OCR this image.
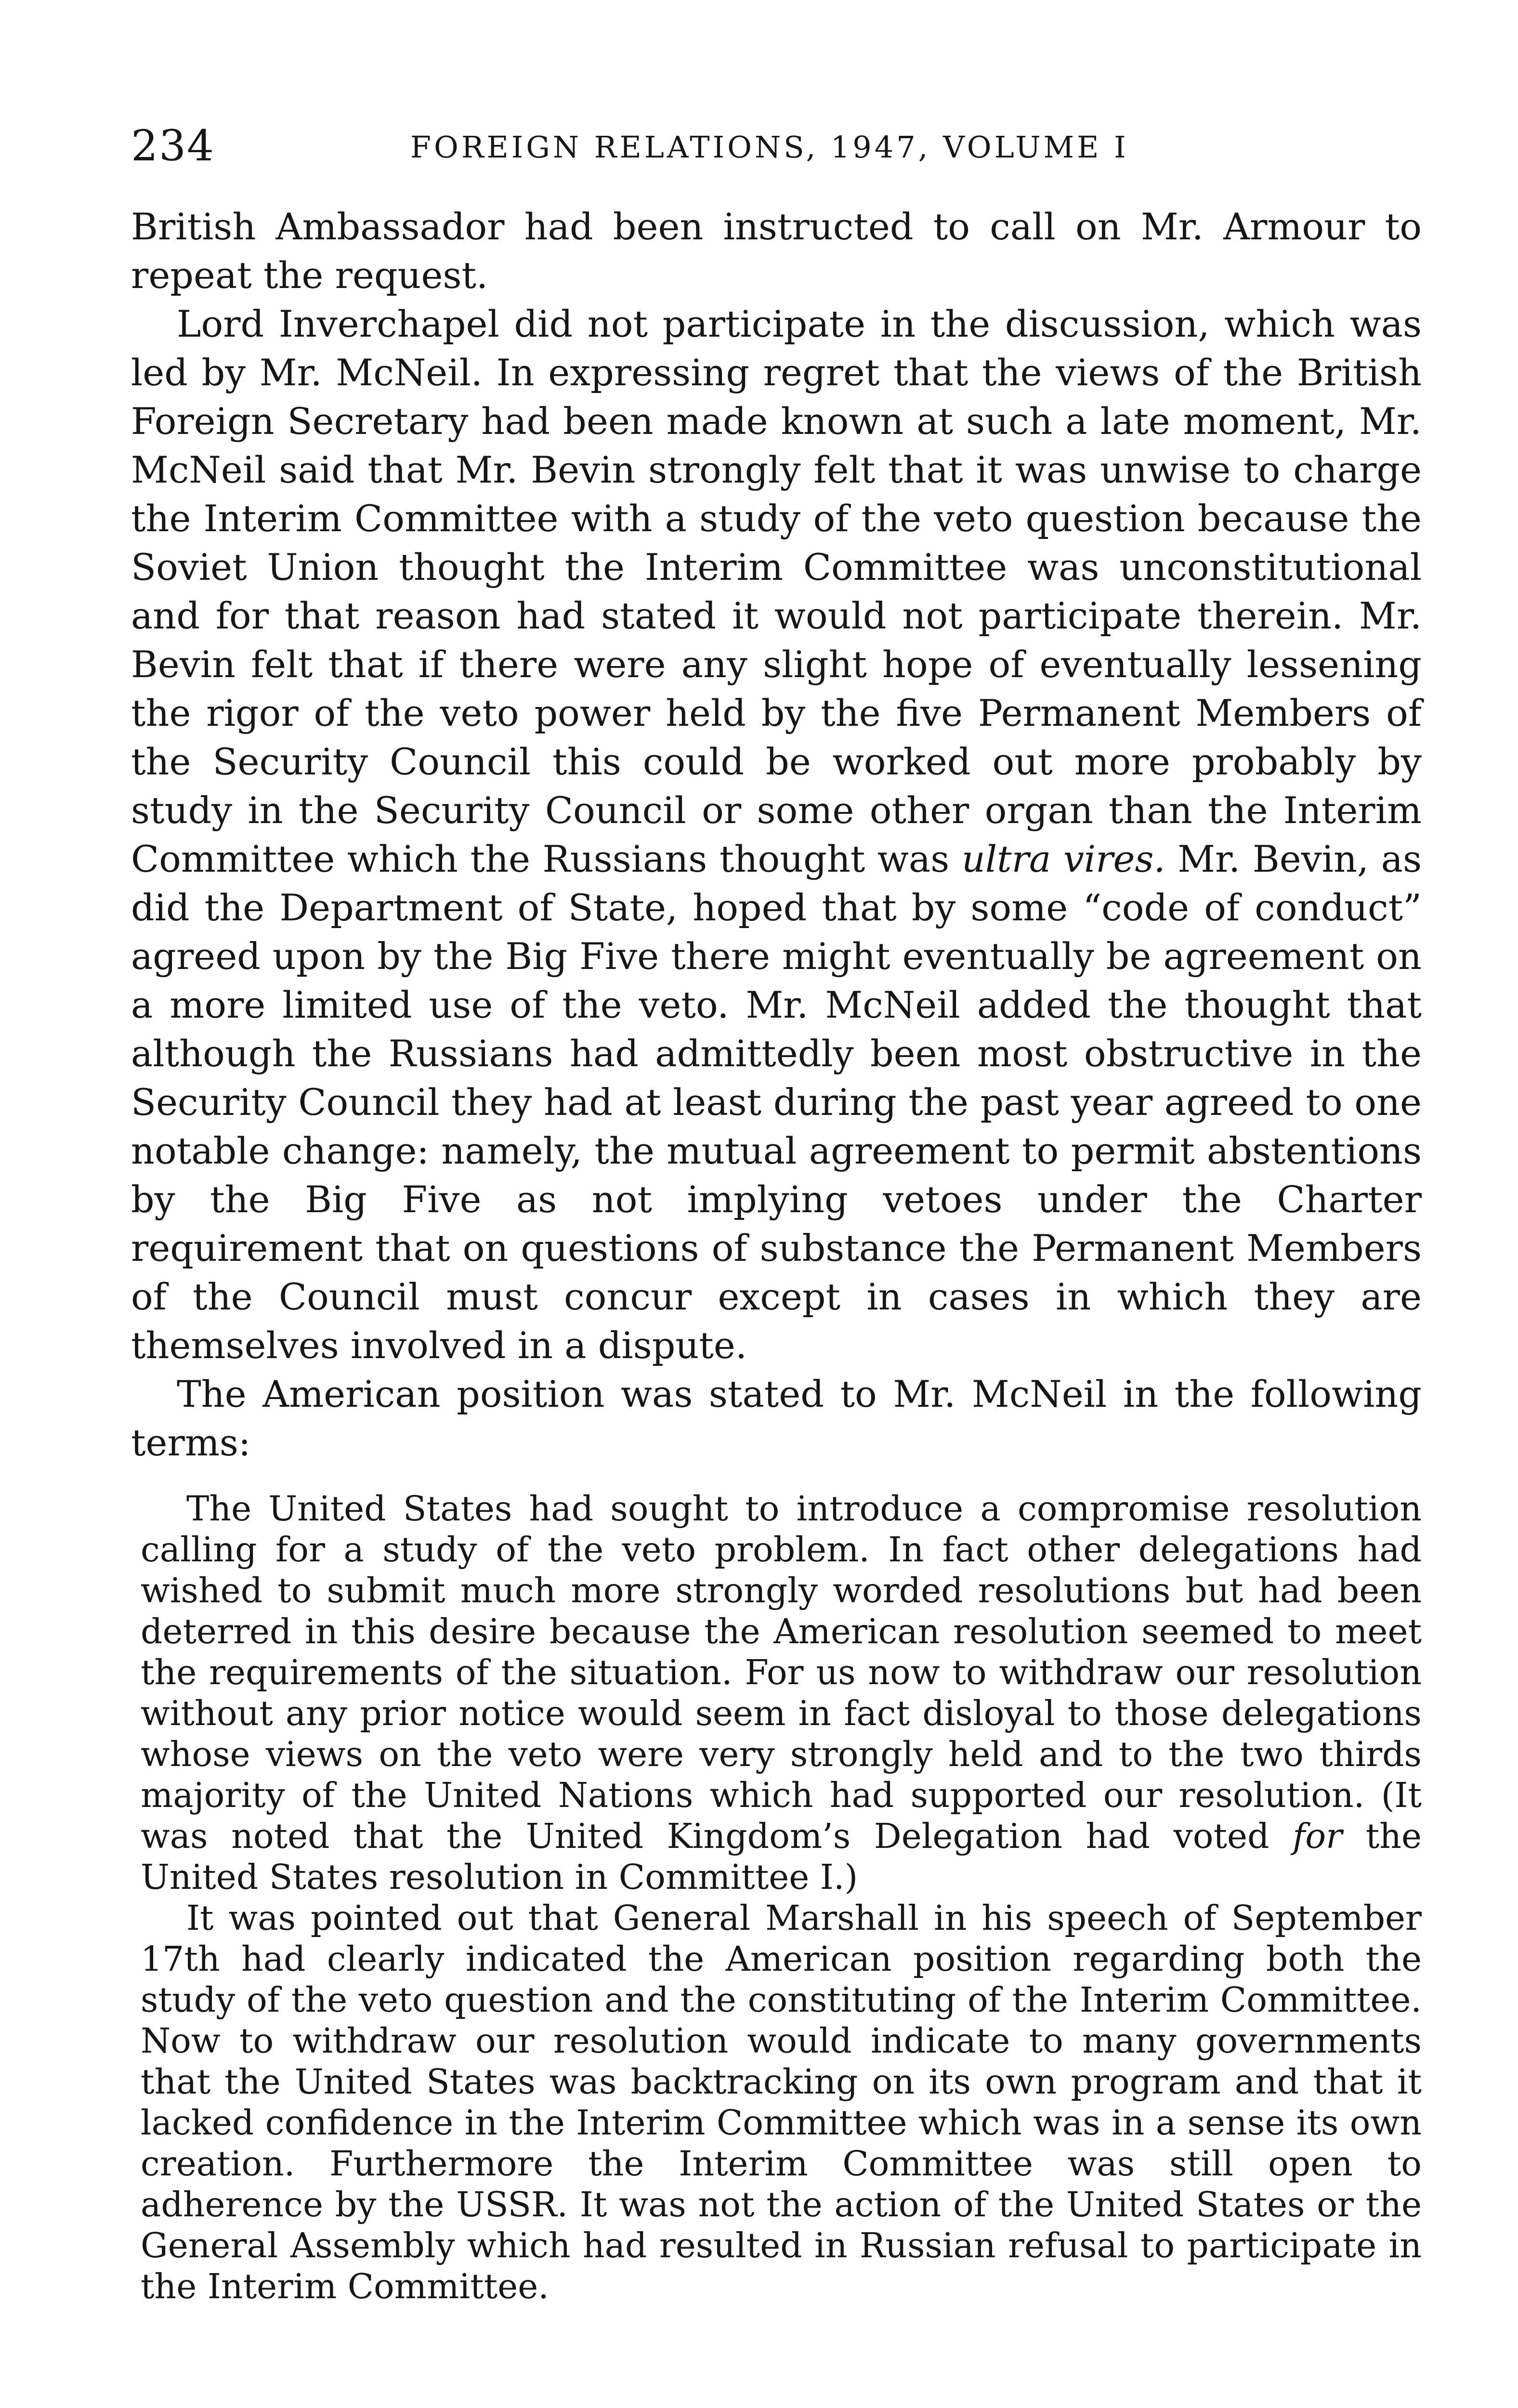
234	FOREIGN RELATIONS, 1947, VOLUME I

British Ambassador had been instructed to call on Mr. Armour to repeat the request.

Lord Inverchapel did not participate in the discussion, which was led by Mr. McNeil. In expressing regret that the views of the British Foreign Secretary had been made known at such a late moment, Mr. McNeil said that Mr. Bevin strongly felt that it was unwise to charge the Interim Committee with a study of the veto question because the Soviet Union thought the Interim Committee was unconstitutional and for that reason had stated it would not participate therein. Mr. Bevin felt that if there were any slight hope of eventually lessening the rigor of the veto power held by the five Permanent Members of the Security Council this could be worked out more probably by study in the Security Council or some other organ than the Interim Committee which the Russians thought was ultra vires. Mr. Bevin, as did the Department of State, hoped that by some “code of conduct” agreed upon by the Big Five there might eventually be agreement on a more limited use of the veto. Mr. McNeil added the thought that although the Russians had admittedly been most obstructive in the Security Council they had at least during the past year agreed to one notable change: namely, the mutual agreement to permit abstentions by the Big Five as not implying vetoes under the Charter requirement that on questions of substance the Permanent Members of the Council must concur except in cases in which they are themselves involved in a dispute.

The American position was stated to Mr. McNeil in the following terms:

The United States had sought to introduce a compromise resolution calling for a study of the veto problem. In fact other delegations had wished to submit much more strongly worded resolutions but had been deterred in this desire because the American resolution seemed to meet the requirements of the situation. For us now to withdraw our resolution without any prior notice would seem in fact disloyal to those delegations whose views on the veto were very strongly held and to the two thirds majority of the United Nations which had supported our resolution. (It was noted that the United Kingdom’s Delegation had voted for the United States resolution in Committee I.)

It was pointed out that General Marshall in his speech of September 17th had clearly indicated the American position regarding both the study of the veto question and the constituting of the Interim Committee. Now to withdraw our resolution would indicate to many governments that the United States was backtracking on its own program and that it lacked confidence in the Interim Committee which was in a sense its own creation. Furthermore the Interim Committee was still open to adherence by the USSR. It was not the action of the United States or the General Assembly which had resulted in Russian refusal to participate in the Interim Committee.
